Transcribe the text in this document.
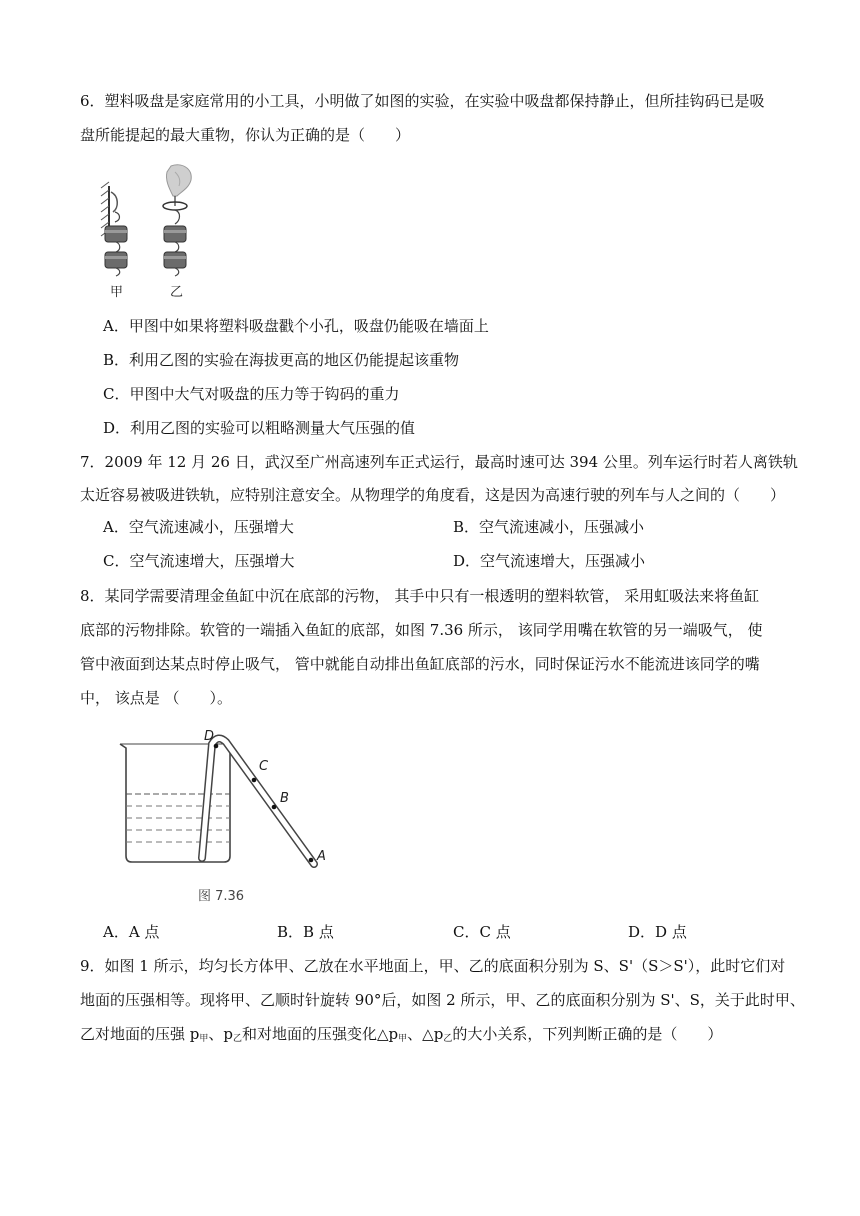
6．塑料吸盘是家庭常用的小工具，小明做了如图的实验，在实验中吸盘都保持静止，但所挂钩码已是吸
盘所能提起的最大重物，你认为正确的是（　　）
甲	乙
A．甲图中如果将塑料吸盘戳个小孔，吸盘仍能吸在墙面上
B．利用乙图的实验在海拔更高的地区仍能提起该重物
C．甲图中大气对吸盘的压力等于钩码的重力
D．利用乙图的实验可以粗略测量大气压强的值
7．2009 年 12 月 26 日，武汉至广州高速列车正式运行，最高时速可达 394 公里。列车运行时若人离铁轨
太近容易被吸进铁轨，应特别注意安全。从物理学的角度看，这是因为高速行驶的列车与人之间的（　　）
A．空气流速减小，压强增大	B．空气流速减小，压强减小
C．空气流速增大，压强增大	D．空气流速增大，压强减小
8．某同学需要清理金鱼缸中沉在底部的污物， 其手中只有一根透明的塑料软管， 采用虹吸法来将鱼缸
底部的污物排除。软管的一端插入鱼缸的底部，如图 7.36 所示， 该同学用嘴在软管的另一端吸气， 使
管中液面到达某点时停止吸气， 管中就能自动排出鱼缸底部的污水，同时保证污水不能流进该同学的嘴
中， 该点是 （　　）。
D
C
B
A
图 7.36
A．A 点	B．B 点	C．C 点	D．D 点
9．如图 1 所示，均匀长方体甲、乙放在水平地面上，甲、乙的底面积分别为 S、S'（S＞S'），此时它们对
地面的压强相等。现将甲、乙顺时针旋转 90°后，如图 2 所示，甲、乙的底面积分别为 S'、S，关于此时甲、
乙对地面的压强 $p_甲$、$p_乙$和对地面的压强变化$\triangle p_甲$、$\triangle p_乙$的大小关系，下列判断正确的是（　　）
